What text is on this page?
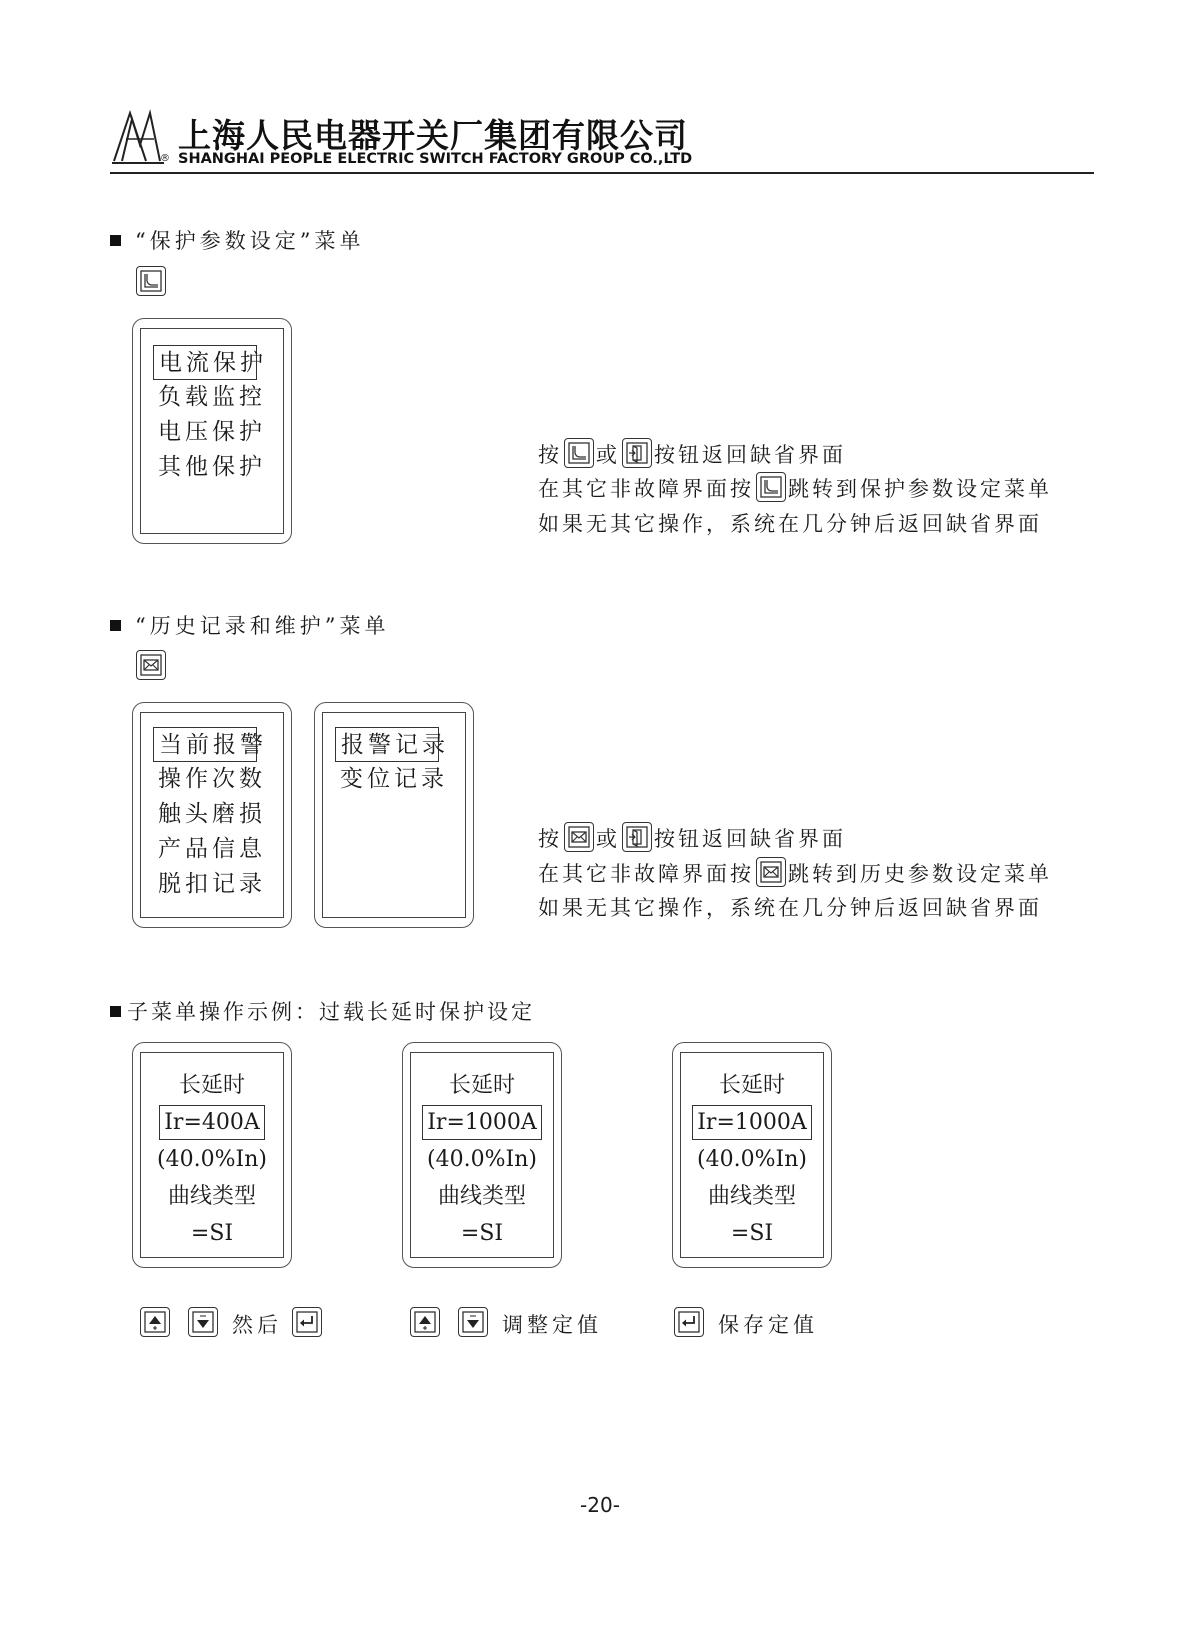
®
上海人民电器开关厂集团有限公司
SHANGHAI PEOPLE ELECTRIC SWITCH FACTORY GROUP CO.,LTD
“保护参数设定”菜单
电流保护
负载监控
电压保护
其他保护	按 或 按钮返回缺省界面
在其它非故障界面按 跳转到保护参数设定菜单
如果无其它操作，系统在几分钟后返回缺省界面
“历史记录和维护”菜单
当前报警
操作次数
触头磨损
产品信息
脱扣记录
报警记录
变位记录
按 或 按钮返回缺省界面
在其它非故障界面按 跳转到历史参数设定菜单
如果无其它操作，系统在几分钟后返回缺省界面
子菜单操作示例：过载长延时保护设定
长延时
Ir=400A
(40.0%In)
曲线类型
=SI
长延时
Ir=1000A
(40.0%In)
曲线类型
=SI
长延时
Ir=1000A
(40.0%In)
曲线类型
=SI
然后	调整定值	保存定值
-20-
